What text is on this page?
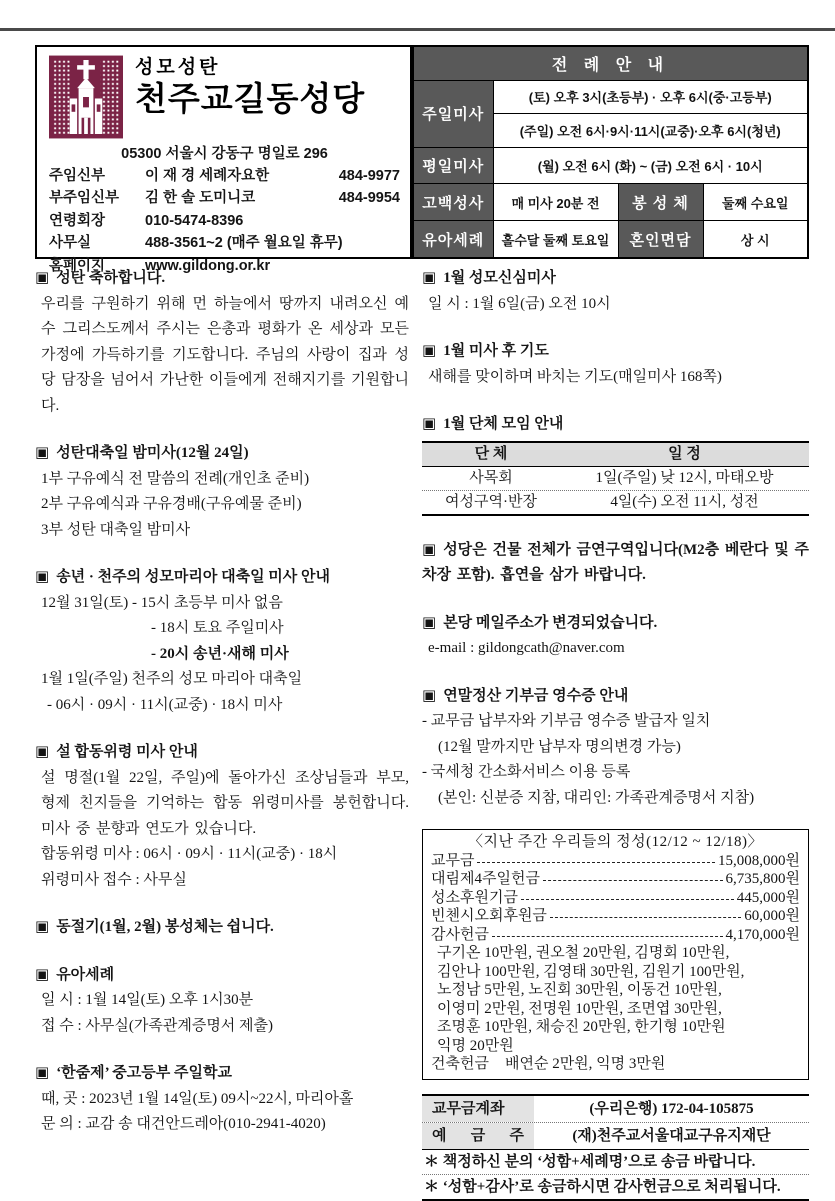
성모성탄
천주교길동성당
05300 서울시 강동구 명일로 296
주임신부	이 재 경 세례자요한	484-9977
부주임신부	김 한 솔 도미니코	484-9954
연령회장	010-5474-8396
사무실	488-3561~2 (매주 월요일 휴무)
홈페이지	www.gildong.or.kr
전 례 안 내			
주일미사	(토) 오후 3시(초등부) · 오후 6시(중·고등부)		
	(주일) 오전 6시·9시·11시(교중)·오후 6시(청년)		
평일미사	(월) 오전 6시 (화) ~ (금) 오전 6시 · 10시		
고백성사	매 미사 20분 전	봉 성 체	둘째 수요일
유아세례	홀수달 둘째 토요일	혼인면담	상 시
▣ 성탄 축하합니다.

우리를 구원하기 위해 먼 하늘에서 땅까지 내려오신 예수 그리스도께서 주시는 은총과 평화가 온 세상과 모든 가정에 가득하기를 기도합니다. 주님의 사랑이 집과 성당 담장을 넘어서 가난한 이들에게 전해지기를 기원합니다.

▣ 성탄대축일 밤미사(12월 24일)
1부 구유예식 전 말씀의 전례(개인초 준비)
2부 구유예식과 구유경배(구유예물 준비)
3부 성탄 대축일 밤미사
▣ 송년 · 천주의 성모마리아 대축일 미사 안내
12월 31일(토) - 15시 초등부 미사 없음
- 18시 토요 주일미사
- 20시 송년·새해 미사
1월 1일(주일) 천주의 성모 마리아 대축일
- 06시 · 09시 · 11시(교중) · 18시 미사
▣ 설 합동위령 미사 안내

설 명절(1월 22일, 주일)에 돌아가신 조상님들과 부모, 형제 친지들을 기억하는 합동 위령미사를 봉헌합니다. 미사 중 분향과 연도가 있습니다.

합동위령 미사 : 06시 · 09시 · 11시(교중) · 18시
위령미사 접수 : 사무실
▣ 동절기(1월, 2월) 봉성체는 쉽니다.
▣ 유아세례
일 시 : 1월 14일(토) 오후 1시30분
접 수 : 사무실(가족관계증명서 제출)
▣ ‘한줌제’ 중고등부 주일학교
때, 곳 : 2023년 1월 14일(토) 09시~22시, 마리아홀
문 의 : 교감 송 대건안드레아(010-2941-4020)
▣ 1월 성모신심미사
일 시 : 1월 6일(금) 오전 10시
▣ 1월 미사 후 기도
새해를 맞이하며 바치는 기도(매일미사 168쪽)
▣ 1월 단체 모임 안내
단 체	일 정
사목회	1일(주일) 낮 12시, 마태오방
여성구역·반장	4일(수) 오전 11시, 성전

▣ 성당은 건물 전체가 금연구역입니다(M2층 베란다 및 주차장 포함). 흡연을 삼가 바랍니다.

▣ 본당 메일주소가 변경되었습니다.
e-mail : gildongcath@naver.com
▣ 연말정산 기부금 영수증 안내
- 교무금 납부자와 기부금 영수증 발급자 일치
(12월 말까지만 납부자 명의변경 가능)
- 국세청 간소화서비스 이용 등록
(본인: 신분증 지참, 대리인: 가족관계증명서 지참)
〈지난 주간 우리들의 정성(12/12 ~ 12/18)〉
교무금	15,008,000원
대림제4주일헌금	6,735,800원
성소후원기금	445,000원
빈첸시오회후원금	60,000원
감사헌금	4,170,000원
구기온 10만원, 권오철 20만원, 김명회 10만원,
김안나 100만원, 김영태 30만원, 김원기 100만원,
노정남 5만원, 노진회 30만원, 이동건 10만원,
이영미 2만원, 전명원 10만원, 조면엽 30만원,
조명훈 10만원, 채승진 20만원, 한기형 10만원
익명 20만원
건축헌금 배연순 2만원, 익명 3만원
교무금계좌	(우리은행) 172-04-105875
예 금 주	(재)천주교서울대교구유지재단
＊ 책정하신 분의 ‘성함+세례명’으로 송금 바랍니다.
＊ ‘성함+감사’로 송금하시면 감사헌금으로 처리됩니다.
